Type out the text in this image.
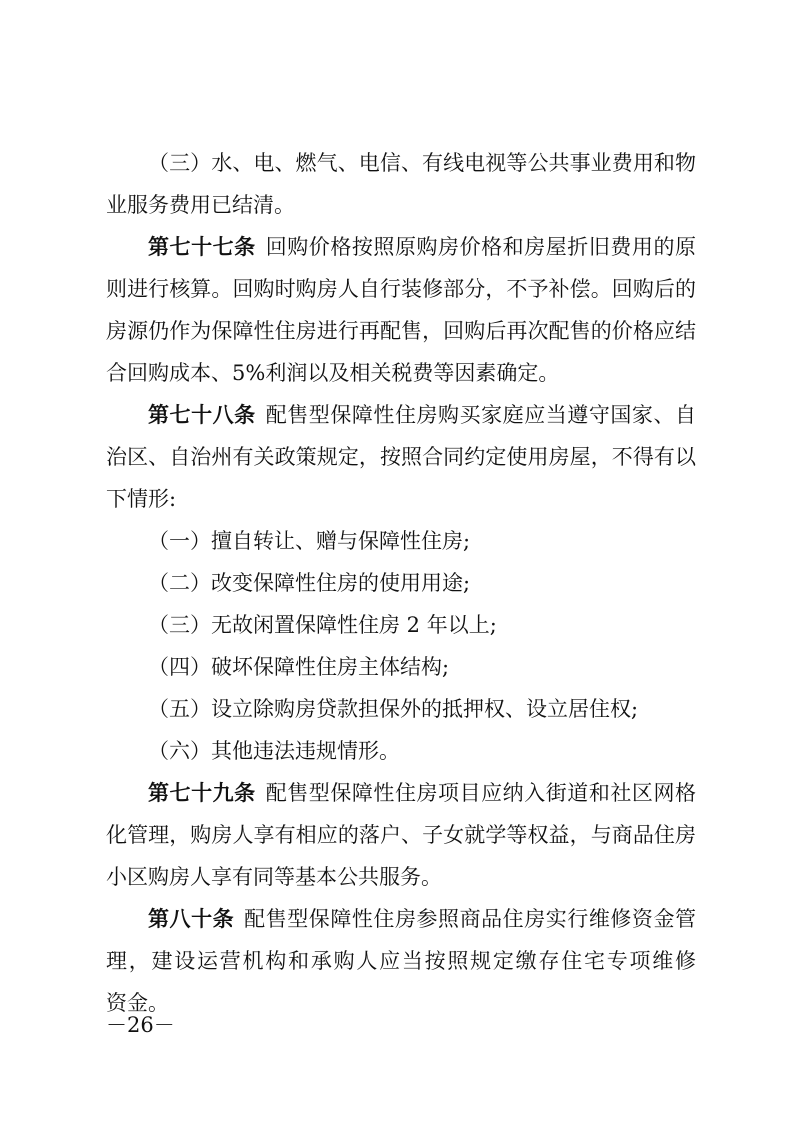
（三）水、电、燃气、电信、有线电视等公共事业费用和物
业服务费用已结清。
第七十七条 回购价格按照原购房价格和房屋折旧费用的原
则进行核算。回购时购房人自行装修部分，不予补偿。回购后的
房源仍作为保障性住房进行再配售，回购后再次配售的价格应结
合回购成本、5%利润以及相关税费等因素确定。
第七十八条 配售型保障性住房购买家庭应当遵守国家、自
治区、自治州有关政策规定，按照合同约定使用房屋，不得有以
下情形:
（一）擅自转让、赠与保障性住房;
（二）改变保障性住房的使用用途;
（三）无故闲置保障性住房 2 年以上;
（四）破坏保障性住房主体结构;
（五）设立除购房贷款担保外的抵押权、设立居住权;
（六）其他违法违规情形。
第七十九条 配售型保障性住房项目应纳入街道和社区网格
化管理，购房人享有相应的落户、子女就学等权益，与商品住房
小区购房人享有同等基本公共服务。
第八十条 配售型保障性住房参照商品住房实行维修资金管
理，建设运营机构和承购人应当按照规定缴存住宅专项维修
资金。
－26－
